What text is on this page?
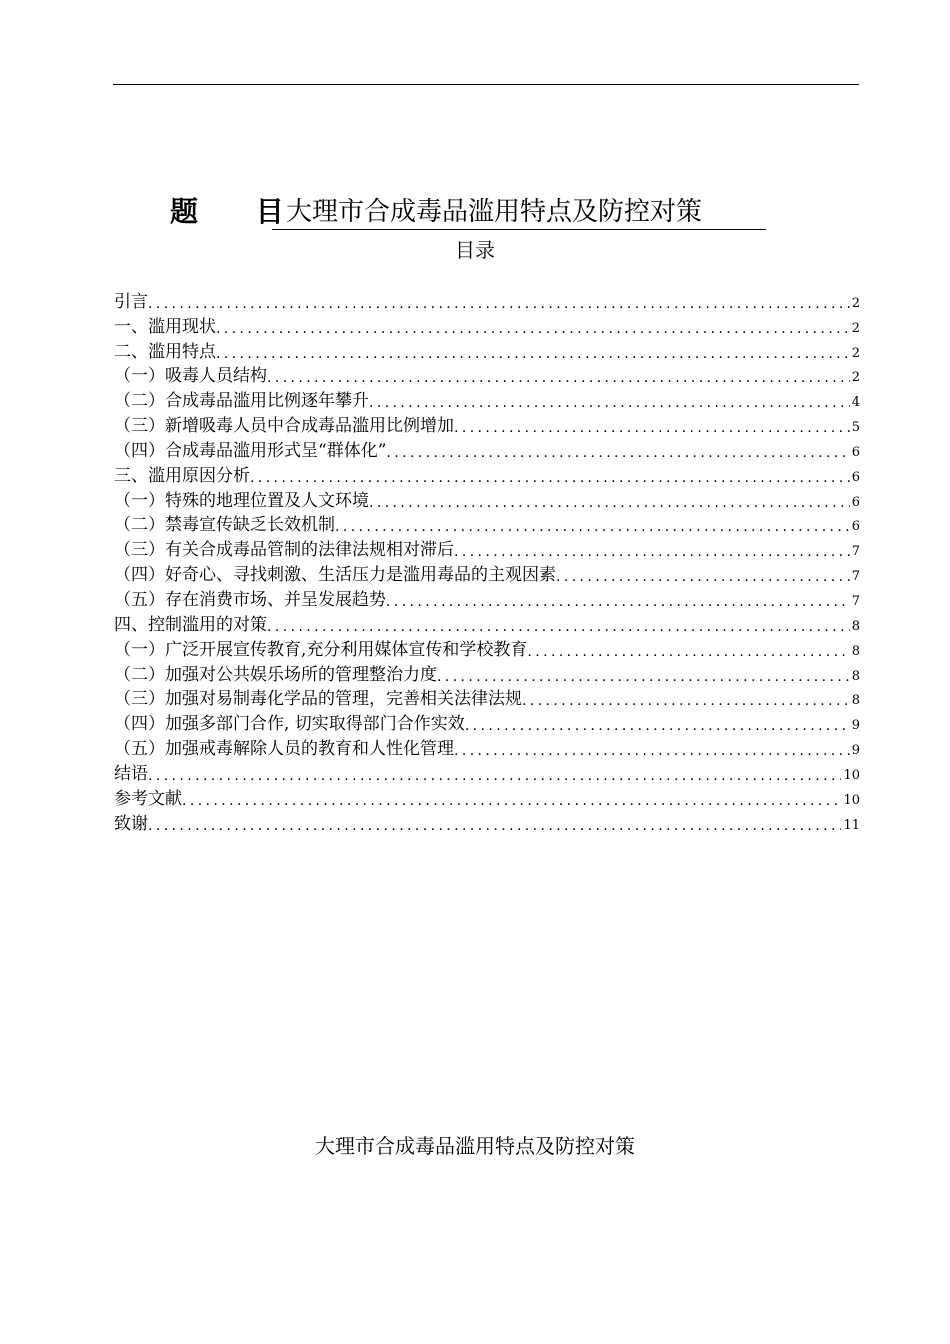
题 目
大理市合成毒品滥用特点及防控对策
目录
引言 .....	2
一、滥用现状 .....	2
二、滥用特点 .....	2
（一）吸毒人员结构 .....	2
（二）合成毒品滥用比例逐年攀升 .....	4
（三）新增吸毒人员中合成毒品滥用比例增加 .....	5
（四）合成毒品滥用形式呈“群体化” .....	6
三、滥用原因分析 .....	6
（一）特殊的地理位置及人文环境 .....	6
（二）禁毒宣传缺乏长效机制 .....	6
（三）有关合成毒品管制的法律法规相对滞后 .....	7
（四）好奇心、寻找刺激、生活压力是滥用毒品的主观因素 .....	7
（五）存在消费市场、并呈发展趋势 .....	7
四、控制滥用的对策 .....	8
（一）广泛开展宣传教育,充分利用媒体宣传和学校教育 .....	8
（二）加强对公共娱乐场所的管理整治力度 .....	8
（三）加强对易制毒化学品的管理，完善相关法律法规 .....	8
（四）加强多部门合作, 切实取得部门合作实效 .....	9
（五）加强戒毒解除人员的教育和人性化管理 .....	9
结语 .....	10
参考文献 .....	10
致谢 .....	11
大理市合成毒品滥用特点及防控对策
